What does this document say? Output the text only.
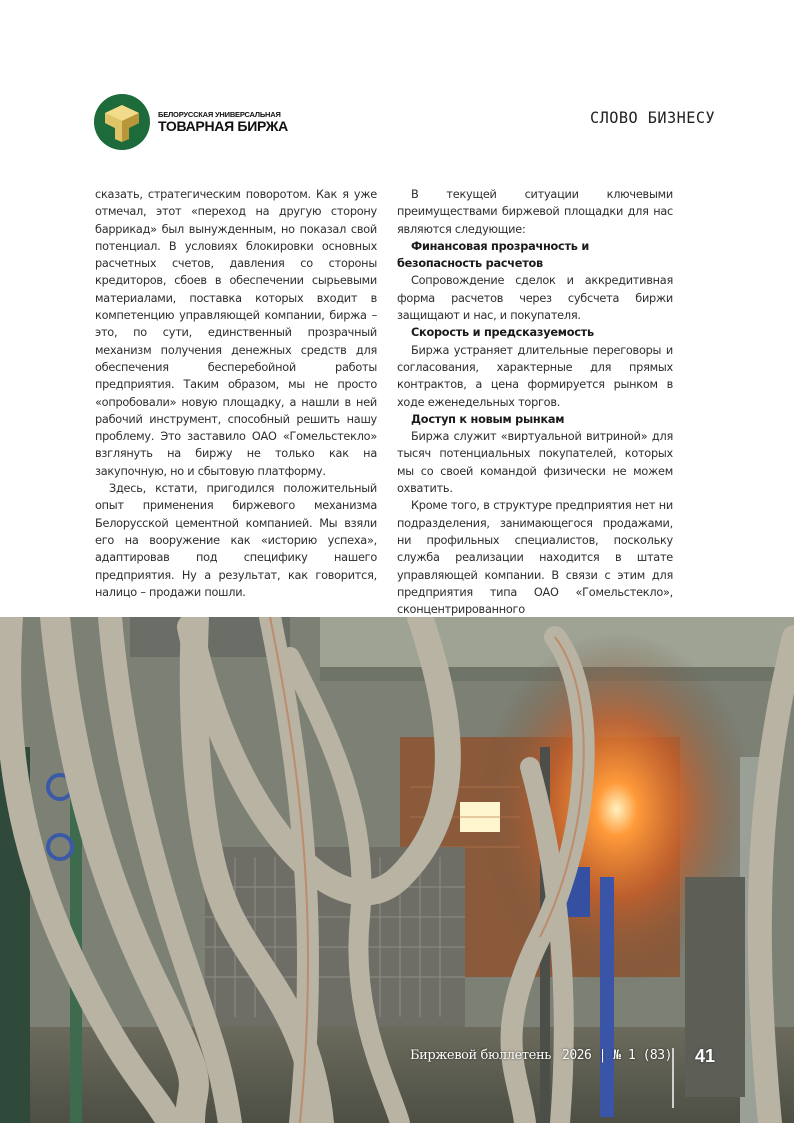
БЕЛОРУССКАЯ УНИВЕРСАЛЬНАЯ
ТОВАРНАЯ БИРЖА	СЛОВО БИЗНЕСУ

сказать, стратегическим поворотом. Как я уже отмечал, этот «переход на другую сторону баррикад» был вынужденным, но показал свой потенциал. В условиях блокировки основных расчетных счетов, давления со стороны кредиторов, сбоев в обеспечении сырьевыми материалами, поставка которых входит в компетенцию управляющей компании, биржа – это, по сути, единственный прозрачный механизм получения денежных средств для обеспечения бесперебойной работы предприятия. Таким образом, мы не просто «опробовали» новую площадку, а нашли в ней рабочий инструмент, способный решить нашу проблему. Это заставило ОАО «Гомельстекло» взглянуть на биржу не только как на закупочную, но и сбытовую платформу.

Здесь, кстати, пригодился положительный опыт применения биржевого механизма Белорусской цементной компанией. Мы взяли его на вооружение как «историю успеха», адаптировав под специфику нашего предприятия. Ну а результат, как говорится, налицо – продажи пошли.

В текущей ситуации ключевыми преимуществами биржевой площадки для нас являются следующие:

Финансовая прозрачность и безопасность расчетов

Сопровождение сделок и аккредитивная форма расчетов через субсчета биржи защищают и нас, и покупателя.

Скорость и предсказуемость

Биржа устраняет длительные переговоры и согласования, характерные для прямых контрактов, а цена формируется рынком в ходе еженедельных торгов.

Доступ к новым рынкам

Биржа служит «виртуальной витриной» для тысяч потенциальных покупателей, которых мы со своей командой физически не можем охватить.

Кроме того, в структуре предприятия нет ни подразделения, занимающегося продажами, ни профильных специалистов, поскольку служба реализации находится в штате управляющей компании. В связи с этим для предприятия типа ОАО «Гомельстекло», сконцентрированного

Биржевой бюллетень 2026 | № 1 (83) 41
